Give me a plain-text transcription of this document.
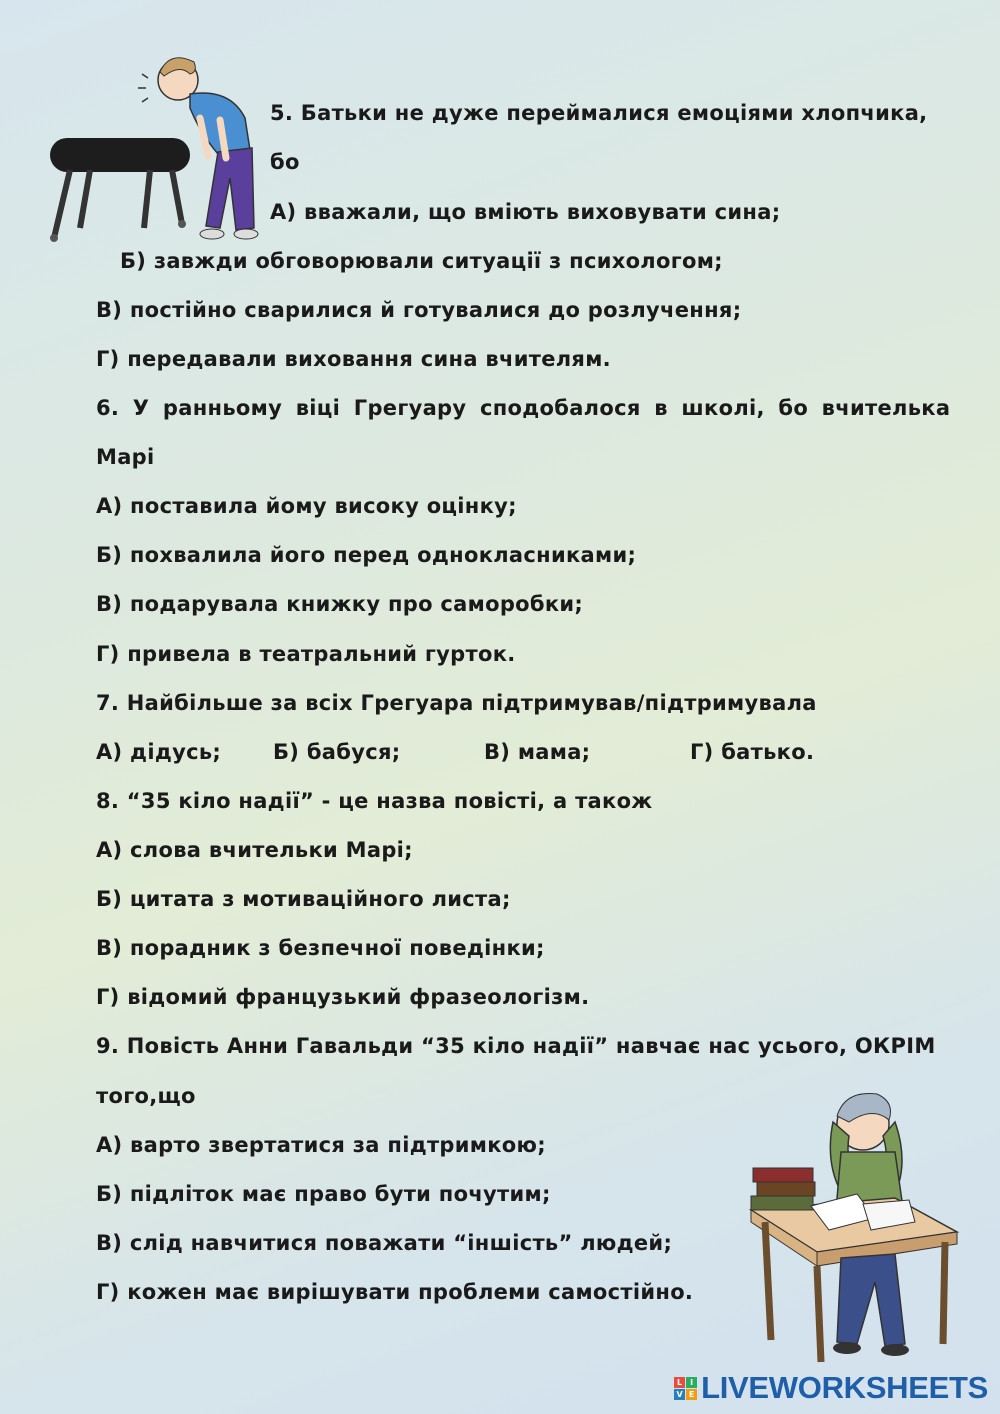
5. Батьки не дуже переймалися емоціями хлопчика,
бо
А) вважали, що вміють виховувати сина;
Б) завжди обговорювали ситуації з психологом;
В) постійно сварилися й готувалися до розлучення;
Г) передавали виховання сина вчителям.
6. У ранньому віці Грегуару сподобалося в школі, бо вчителька
Марі
А) поставила йому високу оцінку;
Б) похвалила його перед однокласниками;
В) подарувала книжку про саморобки;
Г) привела в театральний гурток.
7. Найбільше за всіх Грегуара підтримував/підтримувала
А) дідусь; Б) бабуся;	В) мама;	Г) батько.
8. “35 кіло надії” - це назва повісті, а також
А) слова вчительки Марі;
Б) цитата з мотиваційного листа;
В) порадник з безпечної поведінки;
Г) відомий французький фразеологізм.
9. Повість Анни Гавальди “35 кіло надії” навчає нас усього, ОКРІМ
того,що
А) варто звертатися за підтримкою;
Б) підліток має право бути почутим;
В) слід навчитися поважати “іншість” людей;
Г) кожен має вирішувати проблеми самостійно.
L I
V E LIVEWORKSHEETS
